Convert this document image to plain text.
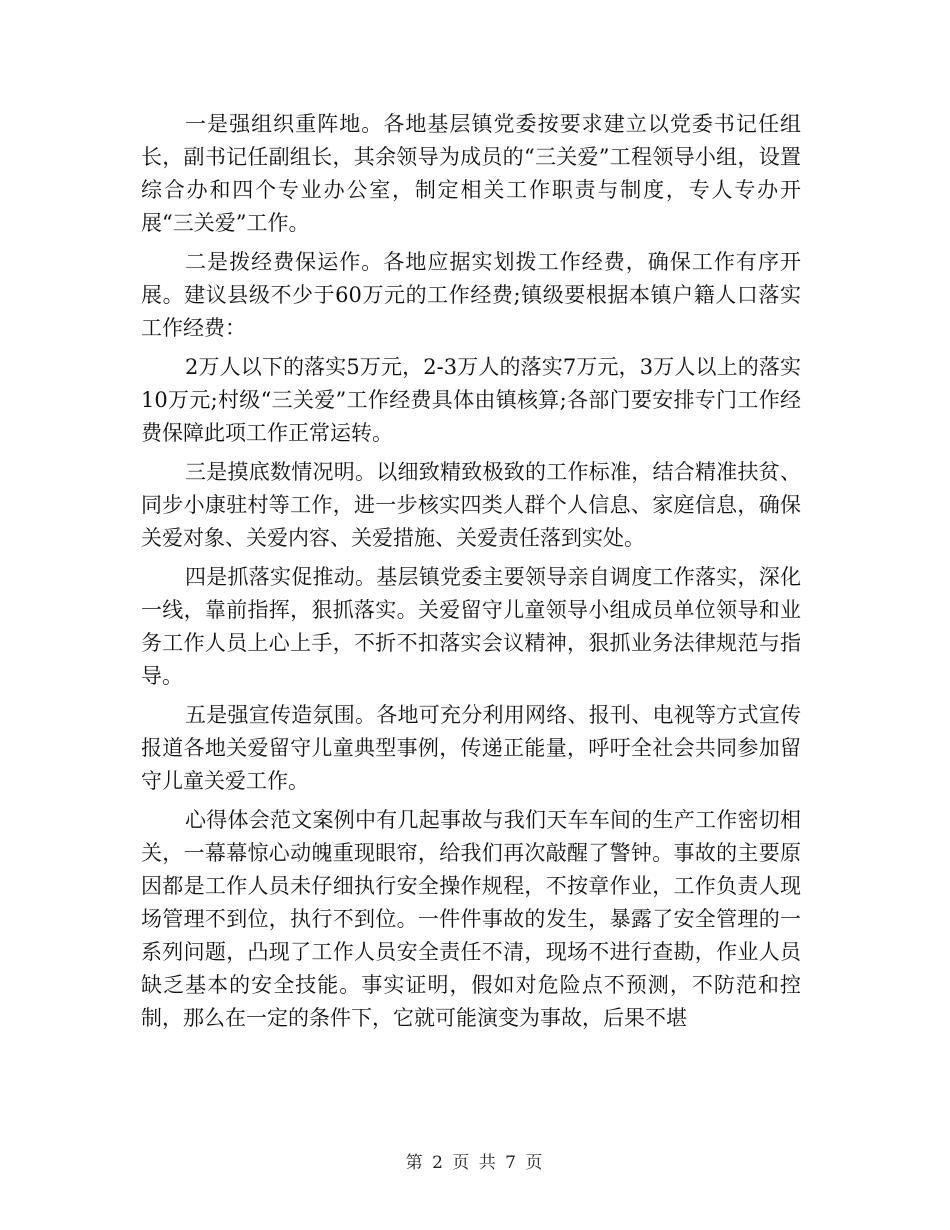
一是强组织重阵地。各地基层镇党委按要求建立以党委书记任组长，副书记任副组长，其余领导为成员的“三关爱”工程领导小组，设置综合办和四个专业办公室，制定相关工作职责与制度，专人专办开展“三关爱”工作。

二是拨经费保运作。各地应据实划拨工作经费，确保工作有序开展。建议县级不少于60万元的工作经费;镇级要根据本镇户籍人口落实工作经费：

2万人以下的落实5万元，2-3万人的落实7万元，3万人以上的落实10万元;村级“三关爱”工作经费具体由镇核算;各部门要安排专门工作经费保障此项工作正常运转。

三是摸底数情况明。以细致精致极致的工作标准，结合精准扶贫、同步小康驻村等工作，进一步核实四类人群个人信息、家庭信息，确保关爱对象、关爱内容、关爱措施、关爱责任落到实处。

四是抓落实促推动。基层镇党委主要领导亲自调度工作落实，深化一线，靠前指挥，狠抓落实。关爱留守儿童领导小组成员单位领导和业务工作人员上心上手，不折不扣落实会议精神，狠抓业务法律规范与指导。

五是强宣传造氛围。各地可充分利用网络、报刊、电视等方式宣传报道各地关爱留守儿童典型事例，传递正能量，呼吁全社会共同参加留守儿童关爱工作。

心得体会范文案例中有几起事故与我们天车车间的生产工作密切相关，一幕幕惊心动魄重现眼帘，给我们再次敲醒了警钟。事故的主要原因都是工作人员未仔细执行安全操作规程，不按章作业，工作负责人现场管理不到位，执行不到位。一件件事故的发生，暴露了安全管理的一系列问题，凸现了工作人员安全责任不清，现场不进行查勘，作业人员缺乏基本的安全技能。事实证明，假如对危险点不预测，不防范和控制，那么在一定的条件下，它就可能演变为事故，后果不堪

第 2 页 共 7 页
